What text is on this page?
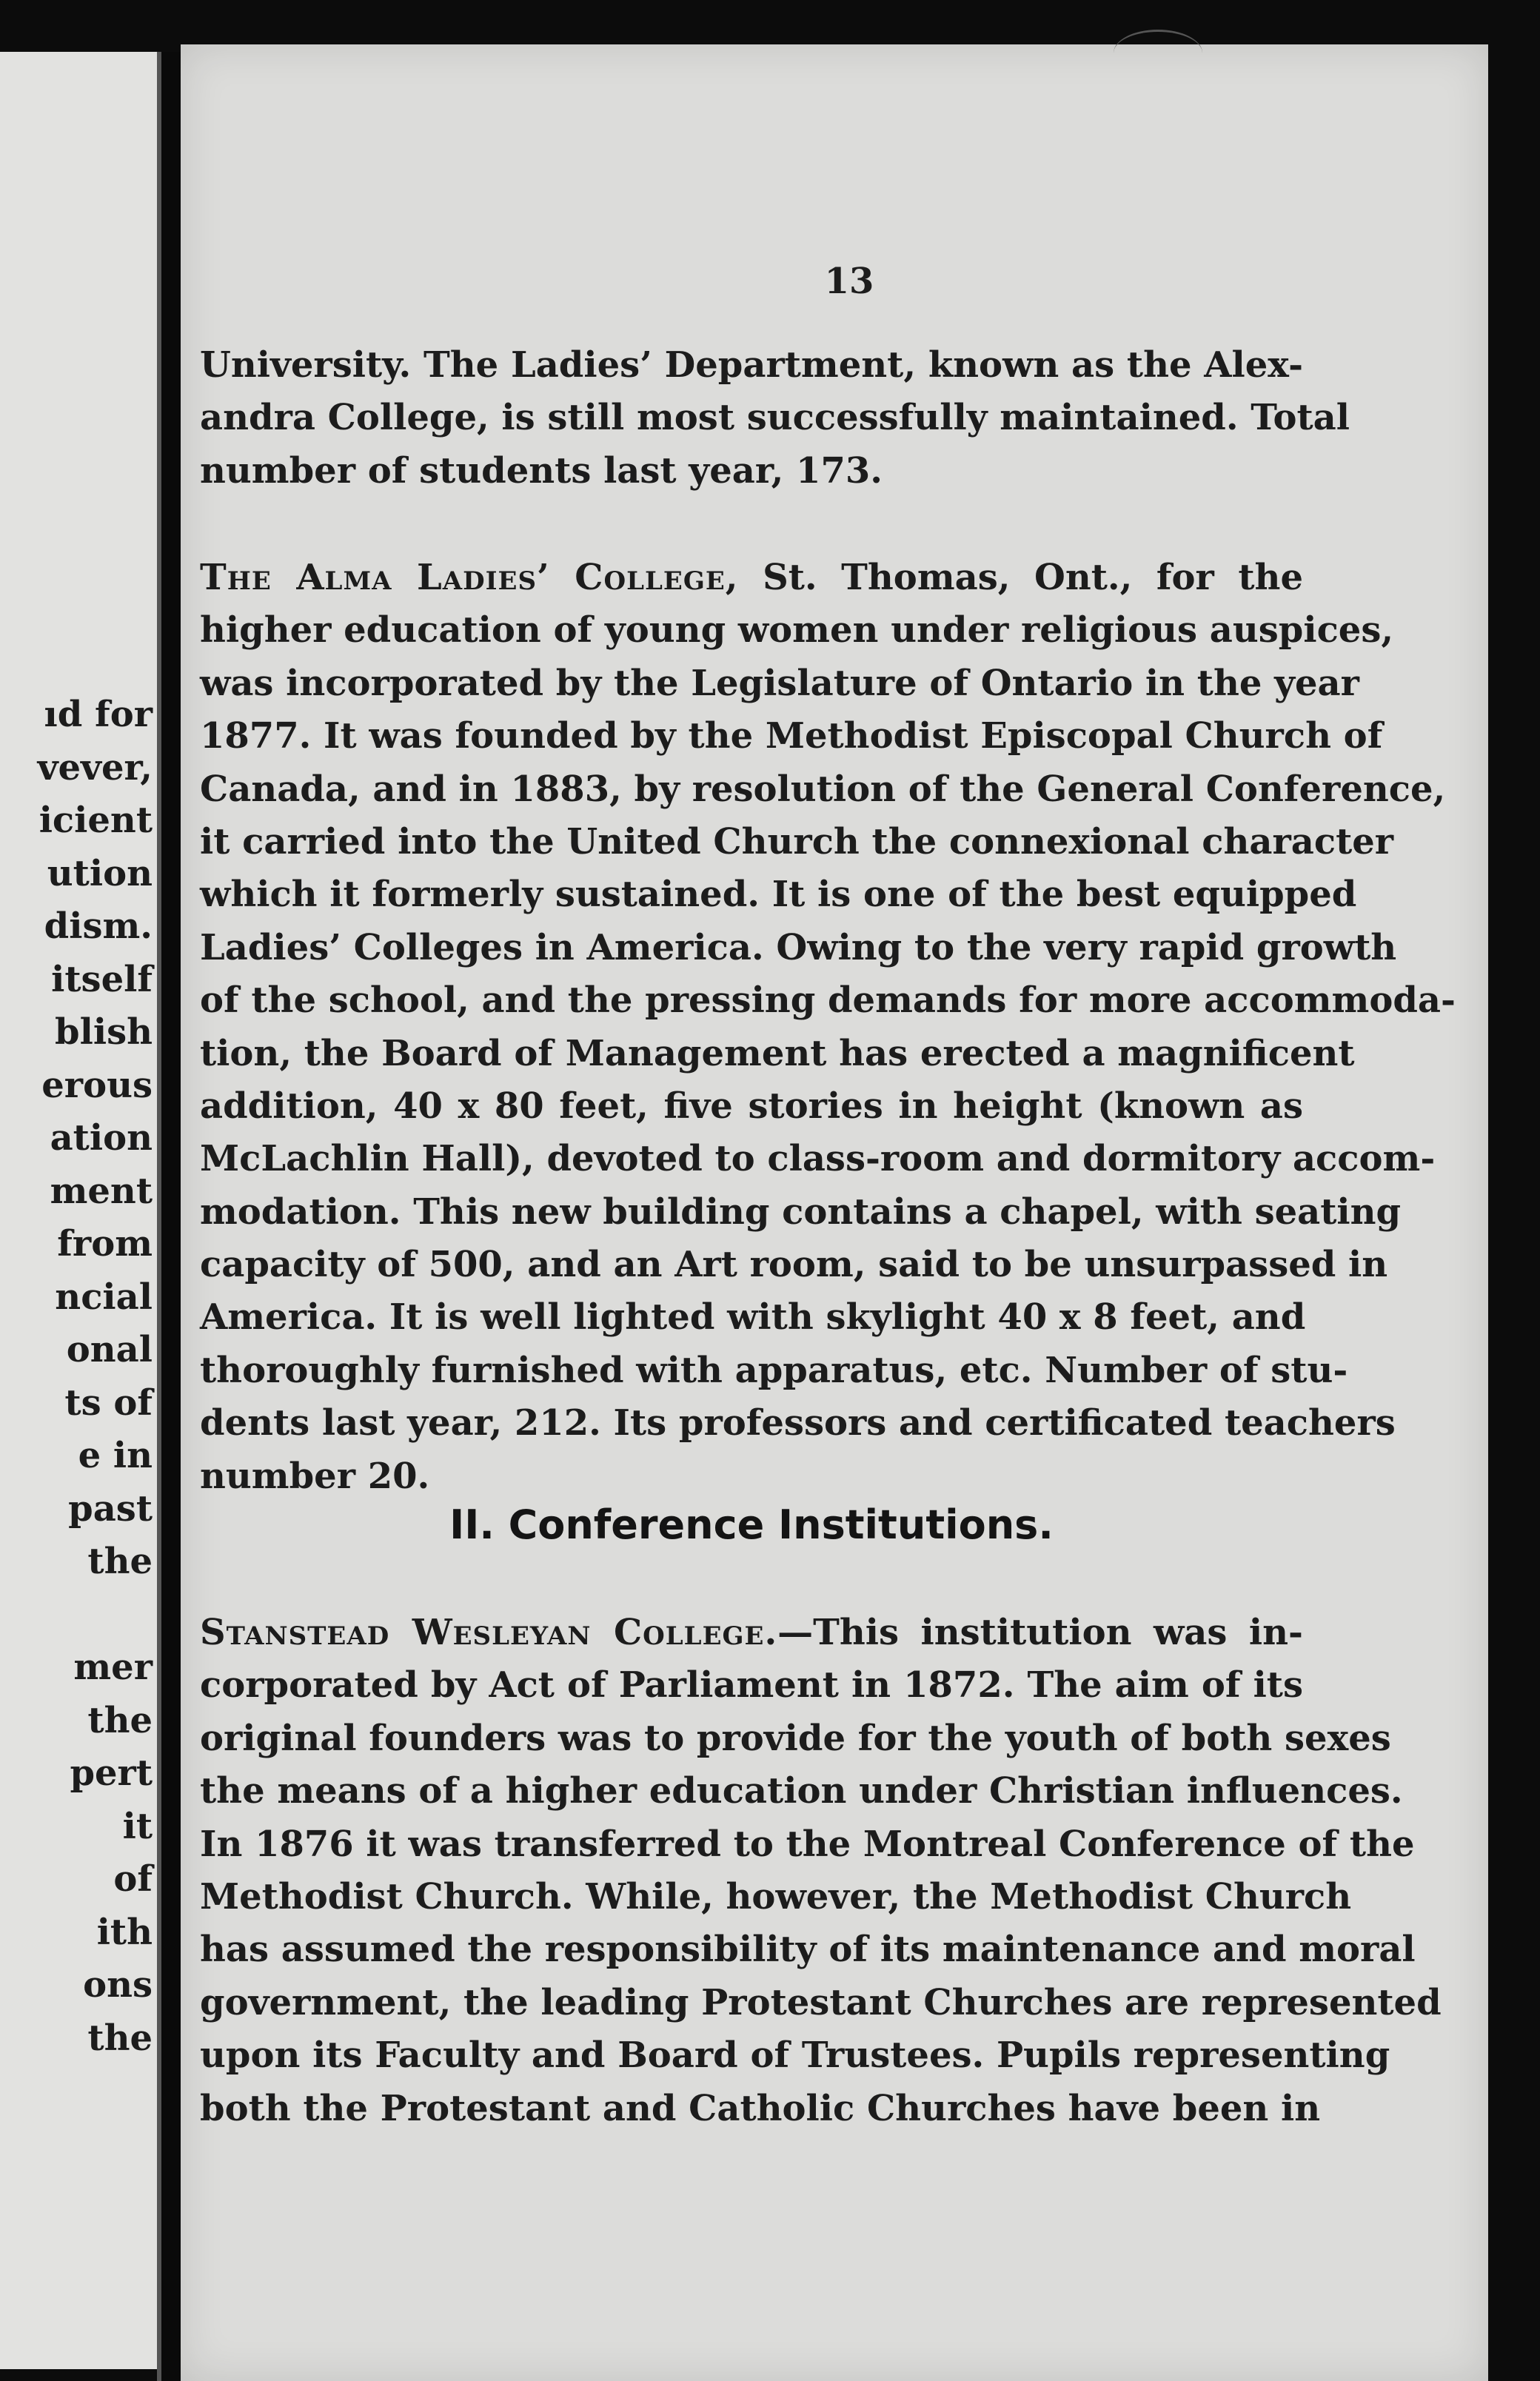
ıd for
vever,
icient
ution
dism.
itself
blish
erous
ation
ment
from
ncial
onal
ts of
e in
past
the
mer
the
pert
it
of
ith
ons
the
13
University. The Ladies’ Department, known as the Alex-
andra College, is still most successfully maintained. Total
number of students last year, 173.
The Alma Ladies’ College, St. Thomas, Ont., for the
higher education of young women under religious auspices,
was incorporated by the Legislature of Ontario in the year
1877. It was founded by the Methodist Episcopal Church of
Canada, and in 1883, by resolution of the General Conference,
it carried into the United Church the connexional character
which it formerly sustained. It is one of the best equipped
Ladies’ Colleges in America. Owing to the very rapid growth
of the school, and the pressing demands for more accommoda-
tion, the Board of Management has erected a magnificent
addition, 40 x 80 feet, five stories in height (known as
McLachlin Hall), devoted to class-room and dormitory accom-
modation. This new building contains a chapel, with seating
capacity of 500, and an Art room, said to be unsurpassed in
America. It is well lighted with skylight 40 x 8 feet, and
thoroughly furnished with apparatus, etc. Number of stu-
dents last year, 212. Its professors and certificated teachers
number 20.
II. Conference Institutions.
Stanstead Wesleyan College.—This institution was in-
corporated by Act of Parliament in 1872. The aim of its
original founders was to provide for the youth of both sexes
the means of a higher education under Christian influences.
In 1876 it was transferred to the Montreal Conference of the
Methodist Church. While, however, the Methodist Church
has assumed the responsibility of its maintenance and moral
government, the leading Protestant Churches are represented
upon its Faculty and Board of Trustees. Pupils representing
both the Protestant and Catholic Churches have been in
